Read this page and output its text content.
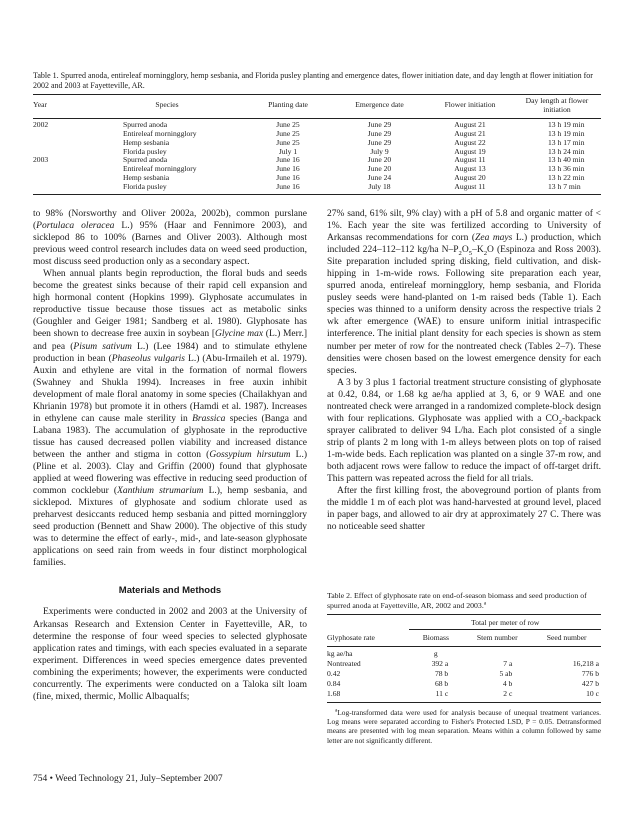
Table 1. Spurred anoda, entireleaf morningglory, hemp sesbania, and Florida pusley planting and emergence dates, flower initiation date, and day length at flower initiation for 2002 and 2003 at Fayetteville, AR.
Year	Species	Planting date	Emergence date	Flower initiation	Day length at flower initiation
2002	Spurred anoda	June 25	June 29	August 21	13 h 19 min
	Entireleaf morningglory	June 25	June 29	August 21	13 h 19 min
	Hemp sesbania	June 25	June 29	August 22	13 h 17 min
	Florida pusley	July 1	July 9	August 19	13 h 24 min
2003	Spurred anoda	June 16	June 20	August 11	13 h 40 min
	Entireleaf morningglory	June 16	June 20	August 13	13 h 36 min
	Hemp sesbania	June 16	June 24	August 20	13 h 22 min
	Florida pusley	June 16	July 18	August 11	13 h 7 min

to 98% (Norsworthy and Oliver 2002a, 2002b), common purslane (Portulaca oleracea L.) 95% (Haar and Fennimore 2003), and sicklepod 86 to 100% (Barnes and Oliver 2003). Although most previous weed control research includes data on weed seed production, most discuss seed production only as a secondary aspect.

When annual plants begin reproduction, the floral buds and seeds become the greatest sinks because of their rapid cell expansion and high hormonal content (Hopkins 1999). Glyphosate accumulates in reproductive tissue because those tissues act as metabolic sinks (Goughler and Geiger 1981; Sandberg et al. 1980). Glyphosate has been shown to decrease free auxin in soybean [Glycine max (L.) Merr.] and pea (Pisum sativum L.) (Lee 1984) and to stimulate ethylene production in bean (Phaseolus vulgaris L.) (Abu-Irmaileh et al. 1979). Auxin and ethylene are vital in the formation of normal flowers (Swahney and Shukla 1994). Increases in free auxin inhibit development of male floral anatomy in some species (Chailakhyan and Khrianin 1978) but promote it in others (Hamdi et al. 1987). Increases in ethylene can cause male sterility in Brassica species (Banga and Labana 1983). The accumulation of glyphosate in the reproductive tissue has caused decreased pollen viability and increased distance between the anther and stigma in cotton (Gossypium hirsutum L.) (Pline et al. 2003). Clay and Griffin (2000) found that glyphosate applied at weed flowering was effective in reducing seed production of common cocklebur (Xanthium strumarium L.), hemp sesbania, and sicklepod. Mixtures of glyphosate and sodium chlorate used as preharvest desiccants reduced hemp sesbania and pitted morningglory seed production (Bennett and Shaw 2000). The objective of this study was to determine the effect of early-, mid-, and late-season glyphosate applications on seed rain from weeds in four distinct morphological families.

Materials and Methods

Experiments were conducted in 2002 and 2003 at the University of Arkansas Research and Extension Center in Fayetteville, AR, to determine the response of four weed species to selected glyphosate application rates and timings, with each species evaluated in a separate experiment. Differences in weed species emergence dates prevented combining the experiments; however, the experiments were conducted concurrently. The experiments were conducted on a Taloka silt loam (fine, mixed, thermic, Mollic Albaqualfs;

27% sand, 61% silt, 9% clay) with a pH of 5.8 and organic matter of < 1%. Each year the site was fertilized according to University of Arkansas recommendations for corn (Zea mays L.) production, which included 224–112–112 kg/ha $N-P_2O_5-K_2O$ (Espinoza and Ross 2003). Site preparation included spring disking, field cultivation, and disk-hipping in 1-m-wide rows. Following site preparation each year, spurred anoda, entireleaf morningglory, hemp sesbania, and Florida pusley seeds were hand-planted on 1-m raised beds (Table 1). Each species was thinned to a uniform density across the respective trials 2 wk after emergence (WAE) to ensure uniform initial intraspecific interference. The initial plant density for each species is shown as stem number per meter of row for the nontreated check (Tables 2–7). These densities were chosen based on the lowest emergence density for each species.

A 3 by 3 plus 1 factorial treatment structure consisting of glyphosate at 0.42, 0.84, or 1.68 kg ae/ha applied at 3, 6, or 9 WAE and one nontreated check were arranged in a randomized complete-block design with four replications. Glyphosate was applied with a $CO_2$-backpack sprayer calibrated to deliver 94 L/ha. Each plot consisted of a single strip of plants 2 m long with 1-m alleys between plots on top of raised 1-m-wide beds. Each replication was planted on a single 37-m row, and both adjacent rows were fallow to reduce the impact of off-target drift. This pattern was repeated across the field for all trials.

After the first killing frost, the aboveground portion of plants from the middle 1 m of each plot was hand-harvested at ground level, placed in paper bags, and allowed to air dry at approximately 27 C. There was no noticeable seed shatter

Table 2. Effect of glyphosate rate on end-of-season biomass and seed production of spurred anoda at Fayetteville, AR, 2002 and 2003.$^a$
	Total per meter of row		
Glyphosate rate	Biomass	Stem number	Seed number
kg ae/ha	g		
Nontreated	392 a	7 a	16,218 a
0.42	78 b	5 ab	776 b
0.84	68 b	4 b	427 b
1.68	11 c	2 c	10 c
$^a$Log-transformed data were used for analysis because of unequal treatment variances. Log means were separated according to Fisher's Protected LSD, P = 0.05. Detransformed means are presented with log mean separation. Means within a column followed by same letter are not significantly different.
754 • Weed Technology 21, July–September 2007
